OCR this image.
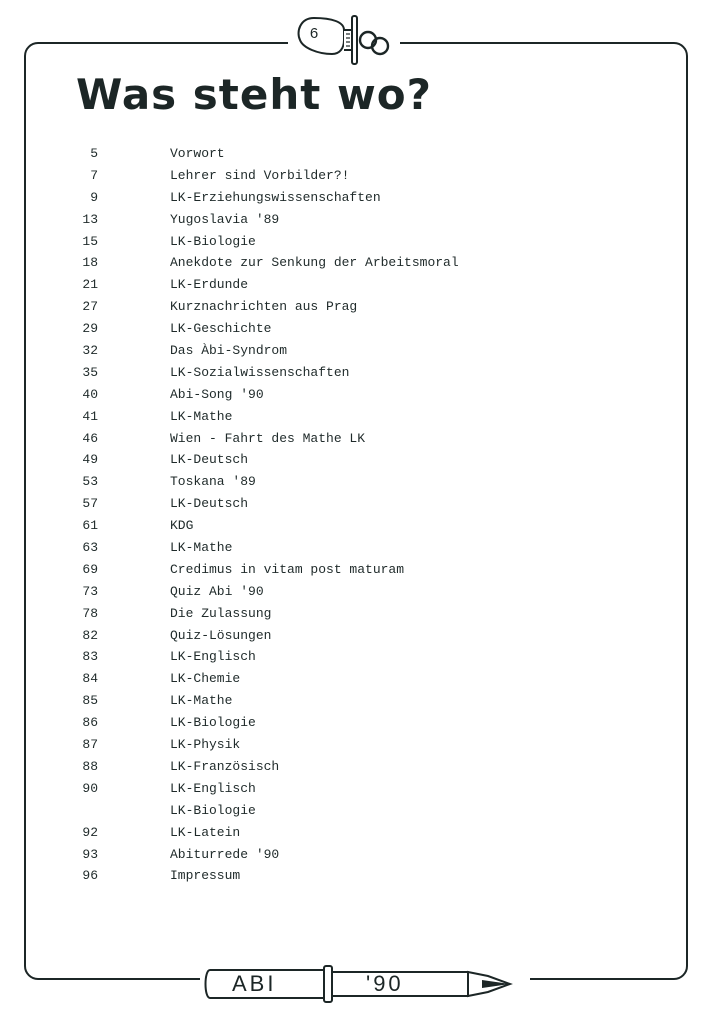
6
Was steht wo?
5	Vorwort
7	Lehrer sind Vorbilder?!
9	LK-Erziehungswissenschaften
13	Yugoslavia '89
15	LK-Biologie
18	Anekdote zur Senkung der Arbeitsmoral
21	LK-Erdunde
27	Kurznachrichten aus Prag
29	LK-Geschichte
32	Das Àbi-Syndrom
35	LK-Sozialwissenschaften
40	Abi-Song '90
41	LK-Mathe
46	Wien - Fahrt des Mathe LK
49	LK-Deutsch
53	Toskana '89
57	LK-Deutsch
61	KDG
63	LK-Mathe
69	Credimus in vitam post maturam
73	Quiz Abi '90
78	Die Zulassung
82	Quiz-Lösungen
83	LK-Englisch
84	LK-Chemie
85	LK-Mathe
86	LK-Biologie
87	LK-Physik
88	LK-Französisch
90	LK-Englisch
LK-Biologie
92	LK-Latein
93	Abiturrede '90
96	Impressum
ABI	'90
